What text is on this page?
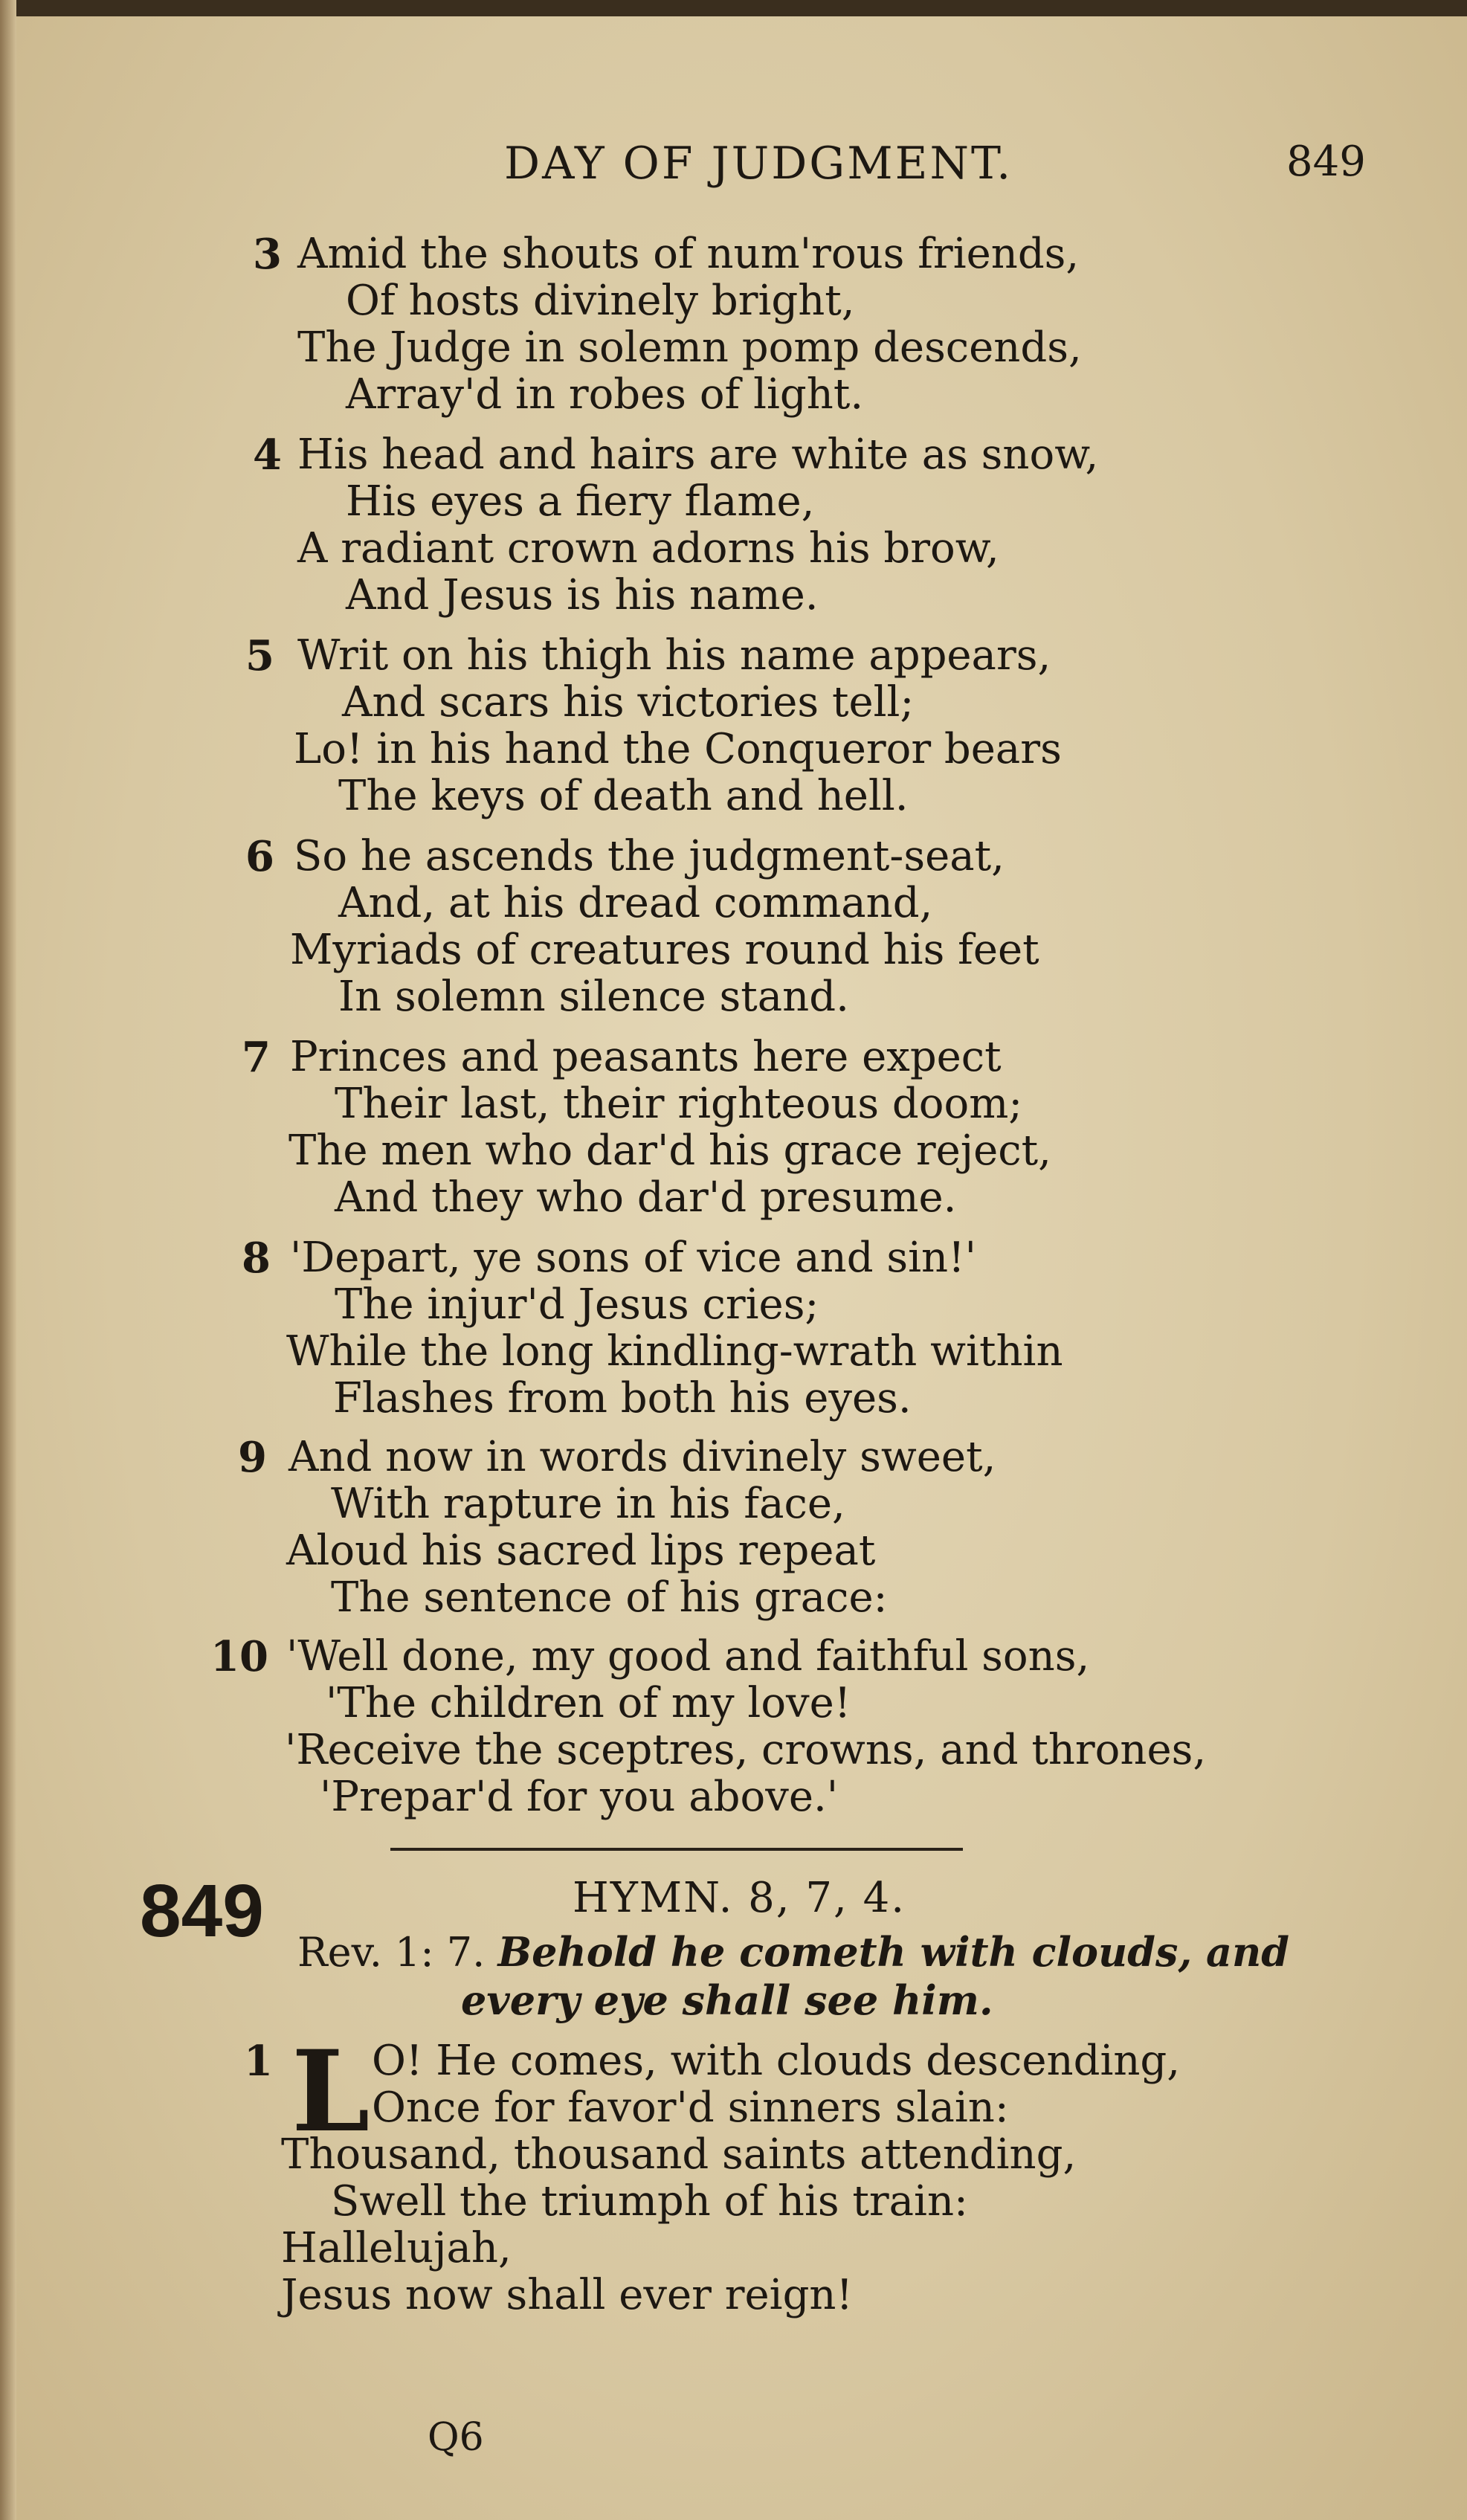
DAY OF JUDGMENT.	849
3 Amid the shouts of num'rous friends,
Of hosts divinely bright,
The Judge in solemn pomp descends,
Array'd in robes of light.
4 His head and hairs are white as snow,
His eyes a fiery flame,
A radiant crown adorns his brow,
And Jesus is his name.
5 Writ on his thigh his name appears,
And scars his victories tell;
Lo! in his hand the Conqueror bears
The keys of death and hell.
6 So he ascends the judgment-seat,
And, at his dread command,
Myriads of creatures round his feet
In solemn silence stand.
7 Princes and peasants here expect
Their last, their righteous doom;
The men who dar'd his grace reject,
And they who dar'd presume.
8 'Depart, ye sons of vice and sin!'
The injur'd Jesus cries;
While the long kindling-wrath within
Flashes from both his eyes.
9 And now in words divinely sweet,
With rapture in his face,
Aloud his sacred lips repeat
The sentence of his grace:
10 'Well done, my good and faithful sons,
'The children of my love!
'Receive the sceptres, crowns, and thrones,
'Prepar'd for you above.'
849	HYMN. 8, 7, 4.
Rev. 1: 7. Behold he cometh with clouds, and
every eye shall see him.
1 L O! He comes, with clouds descending,
Once for favor'd sinners slain:
Thousand, thousand saints attending,
Swell the triumph of his train:
Hallelujah,
Jesus now shall ever reign!
Q6
